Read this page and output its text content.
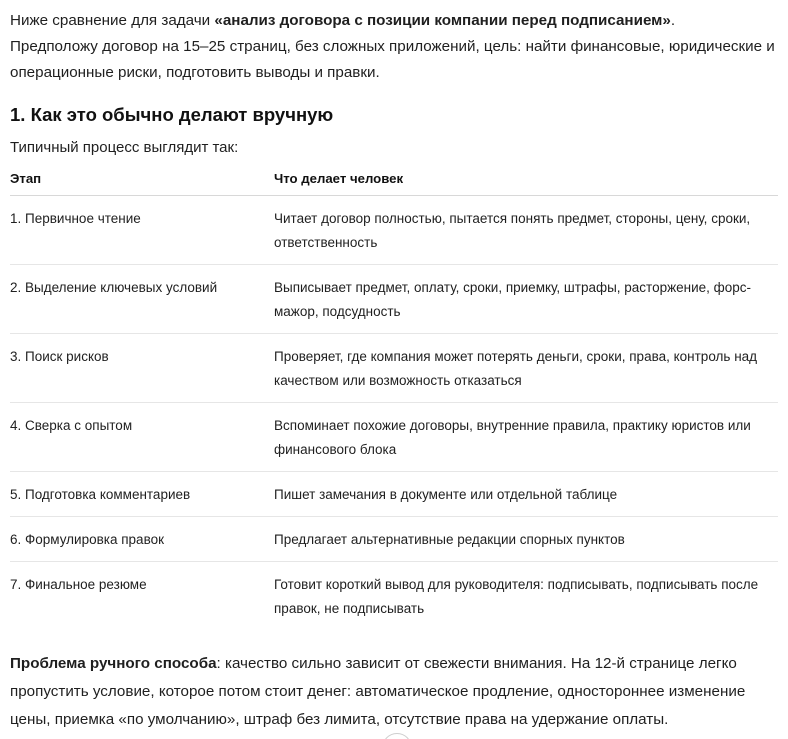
Ниже сравнение для задачи «анализ договора с позиции компании перед подписанием».
Предположу договор на 15–25 страниц, без сложных приложений, цель: найти финансовые, юридические и операционные риски, подготовить выводы и правки.

1. Как это обычно делают вручную

Типичный процесс выглядит так:

Этап	Что делает человек
1. Первичное чтение	Читает договор полностью, пытается понять предмет, стороны, цену, сроки, ответственность
2. Выделение ключевых условий	Выписывает предмет, оплату, сроки, приемку, штрафы, расторжение, форс-мажор, подсудность
3. Поиск рисков	Проверяет, где компания может потерять деньги, сроки, права, контроль над качеством или возможность отказаться
4. Сверка с опытом	Вспоминает похожие договоры, внутренние правила, практику юристов или финансового блока
5. Подготовка комментариев	Пишет замечания в документе или отдельной таблице
6. Формулировка правок	Предлагает альтернативные редакции спорных пунктов
7. Финальное резюме	Готовит короткий вывод для руководителя: подписывать, подписывать после правок, не подписывать

Проблема ручного способа: качество сильно зависит от свежести внимания. На 12-й странице легко пропустить условие, которое потом стоит денег: автоматическое продление, одностороннее изменение цены, приемка «по умолчанию», штраф без лимита, отсутствие права на удержание оплаты.
